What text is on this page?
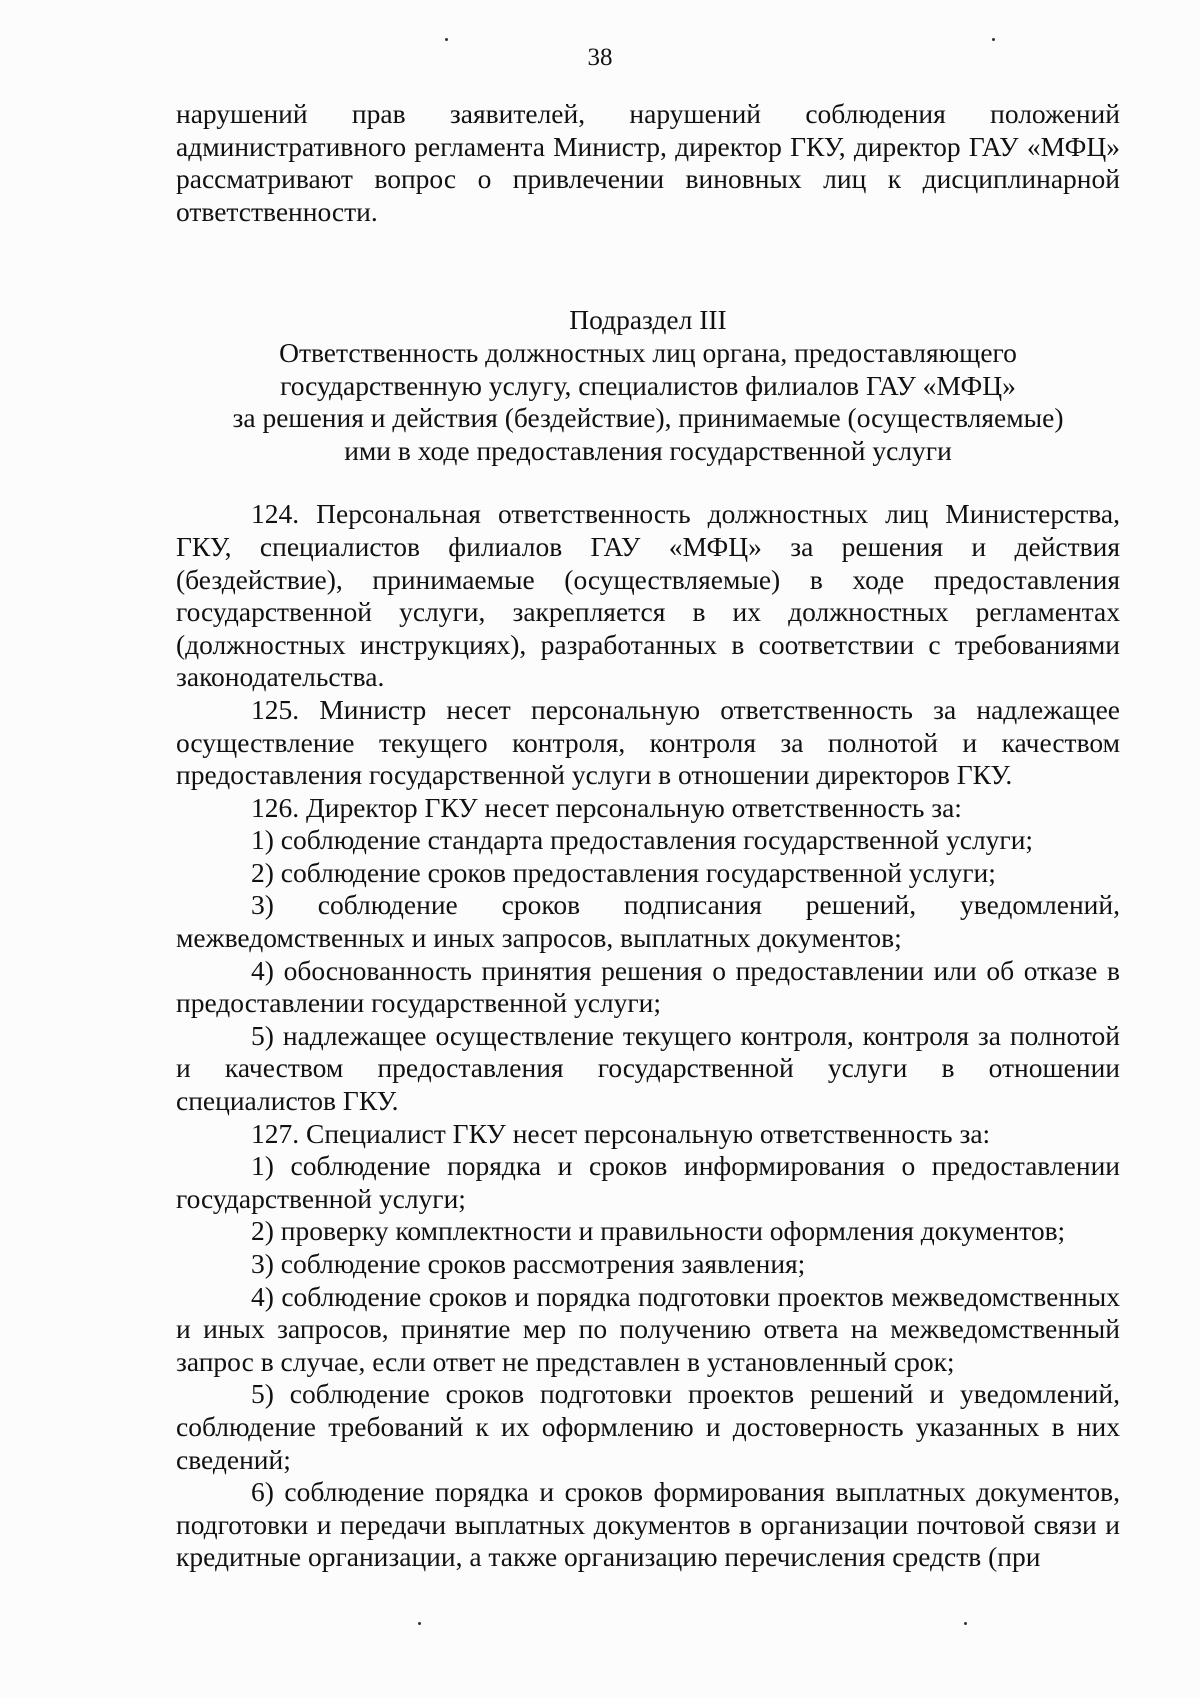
38

нарушений прав заявителей, нарушений соблюдения положений административного регламента Министр, директор ГКУ, директор ГАУ «МФЦ» рассматривают вопрос о привлечении виновных лиц к дисциплинарной ответственности.

Подраздел III
Ответственность должностных лиц органа, предоставляющего
государственную услугу, специалистов филиалов ГАУ «МФЦ»
за решения и действия (бездействие), принимаемые (осуществляемые)
ими в ходе предоставления государственной услуги

124. Персональная ответственность должностных лиц Министерства, ГКУ, специалистов филиалов ГАУ «МФЦ» за решения и действия (бездействие), принимаемые (осуществляемые) в ходе предоставления государственной услуги, закрепляется в их должностных регламентах (должностных инструкциях), разработанных в соответствии с требованиями законодательства.

125. Министр несет персональную ответственность за надлежащее осуществление текущего контроля, контроля за полнотой и качеством предоставления государственной услуги в отношении директоров ГКУ.

126. Директор ГКУ несет персональную ответственность за:

1) соблюдение стандарта предоставления государственной услуги;

2) соблюдение сроков предоставления государственной услуги;

3) соблюдение сроков подписания решений, уведомлений, межведомственных и иных запросов, выплатных документов;

4) обоснованность принятия решения о предоставлении или об отказе в предоставлении государственной услуги;

5) надлежащее осуществление текущего контроля, контроля за полнотой и качеством предоставления государственной услуги в отношении специалистов ГКУ.

127. Специалист ГКУ несет персональную ответственность за:

1) соблюдение порядка и сроков информирования о предоставлении государственной услуги;

2) проверку комплектности и правильности оформления документов;

3) соблюдение сроков рассмотрения заявления;

4) соблюдение сроков и порядка подготовки проектов межведомственных и иных запросов, принятие мер по получению ответа на межведомственный запрос в случае, если ответ не представлен в установленный срок;

5) соблюдение сроков подготовки проектов решений и уведомлений, соблюдение требований к их оформлению и достоверность указанных в них сведений;

6) соблюдение порядка и сроков формирования выплатных документов, подготовки и передачи выплатных документов в организации почтовой связи и кредитные организации, а также организацию перечисления средств (при
